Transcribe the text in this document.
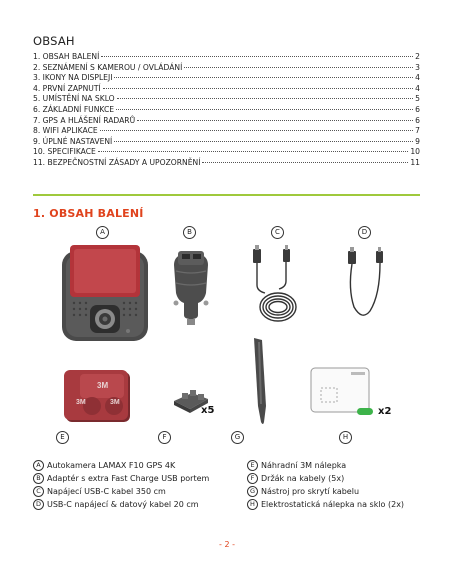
OBSAH
1. OBSAH BALENÍ	2
2. SEZNÁMENÍ S KAMEROU / OVLÁDÁNÍ	3
3. IKONY NA DISPLEJI	4
4. PRVNÍ ZAPNUTÍ	4
5. UMÍSTĚNÍ NA SKLO	5
6. ZÁKLADNÍ FUNKCE	6
7. GPS A HLÁŠENÍ RADARŮ	6
8. WIFI APLIKACE	7
9. ÚPLNÉ NASTAVENÍ	9
10. SPECIFIKACE	10
11. BEZPEČNOSTNÍ ZÁSADY A UPOZORNĚNÍ	11
1. OBSAH BALENÍ
A	B	C	D
3M
3M	3M
x5	x2
E	F	G	H
A Autokamera LAMAX F10 GPS 4K
B Adaptér s extra Fast Charge USB portem
C Napájecí USB-C kabel 350 cm
D USB-C napájecí & datový kabel 20 cm
E Náhradní 3M nálepka
F Držák na kabely (5x)
G Nástroj pro skrytí kabelu
H Elektrostatická nálepka na sklo (2x)
- 2 -
